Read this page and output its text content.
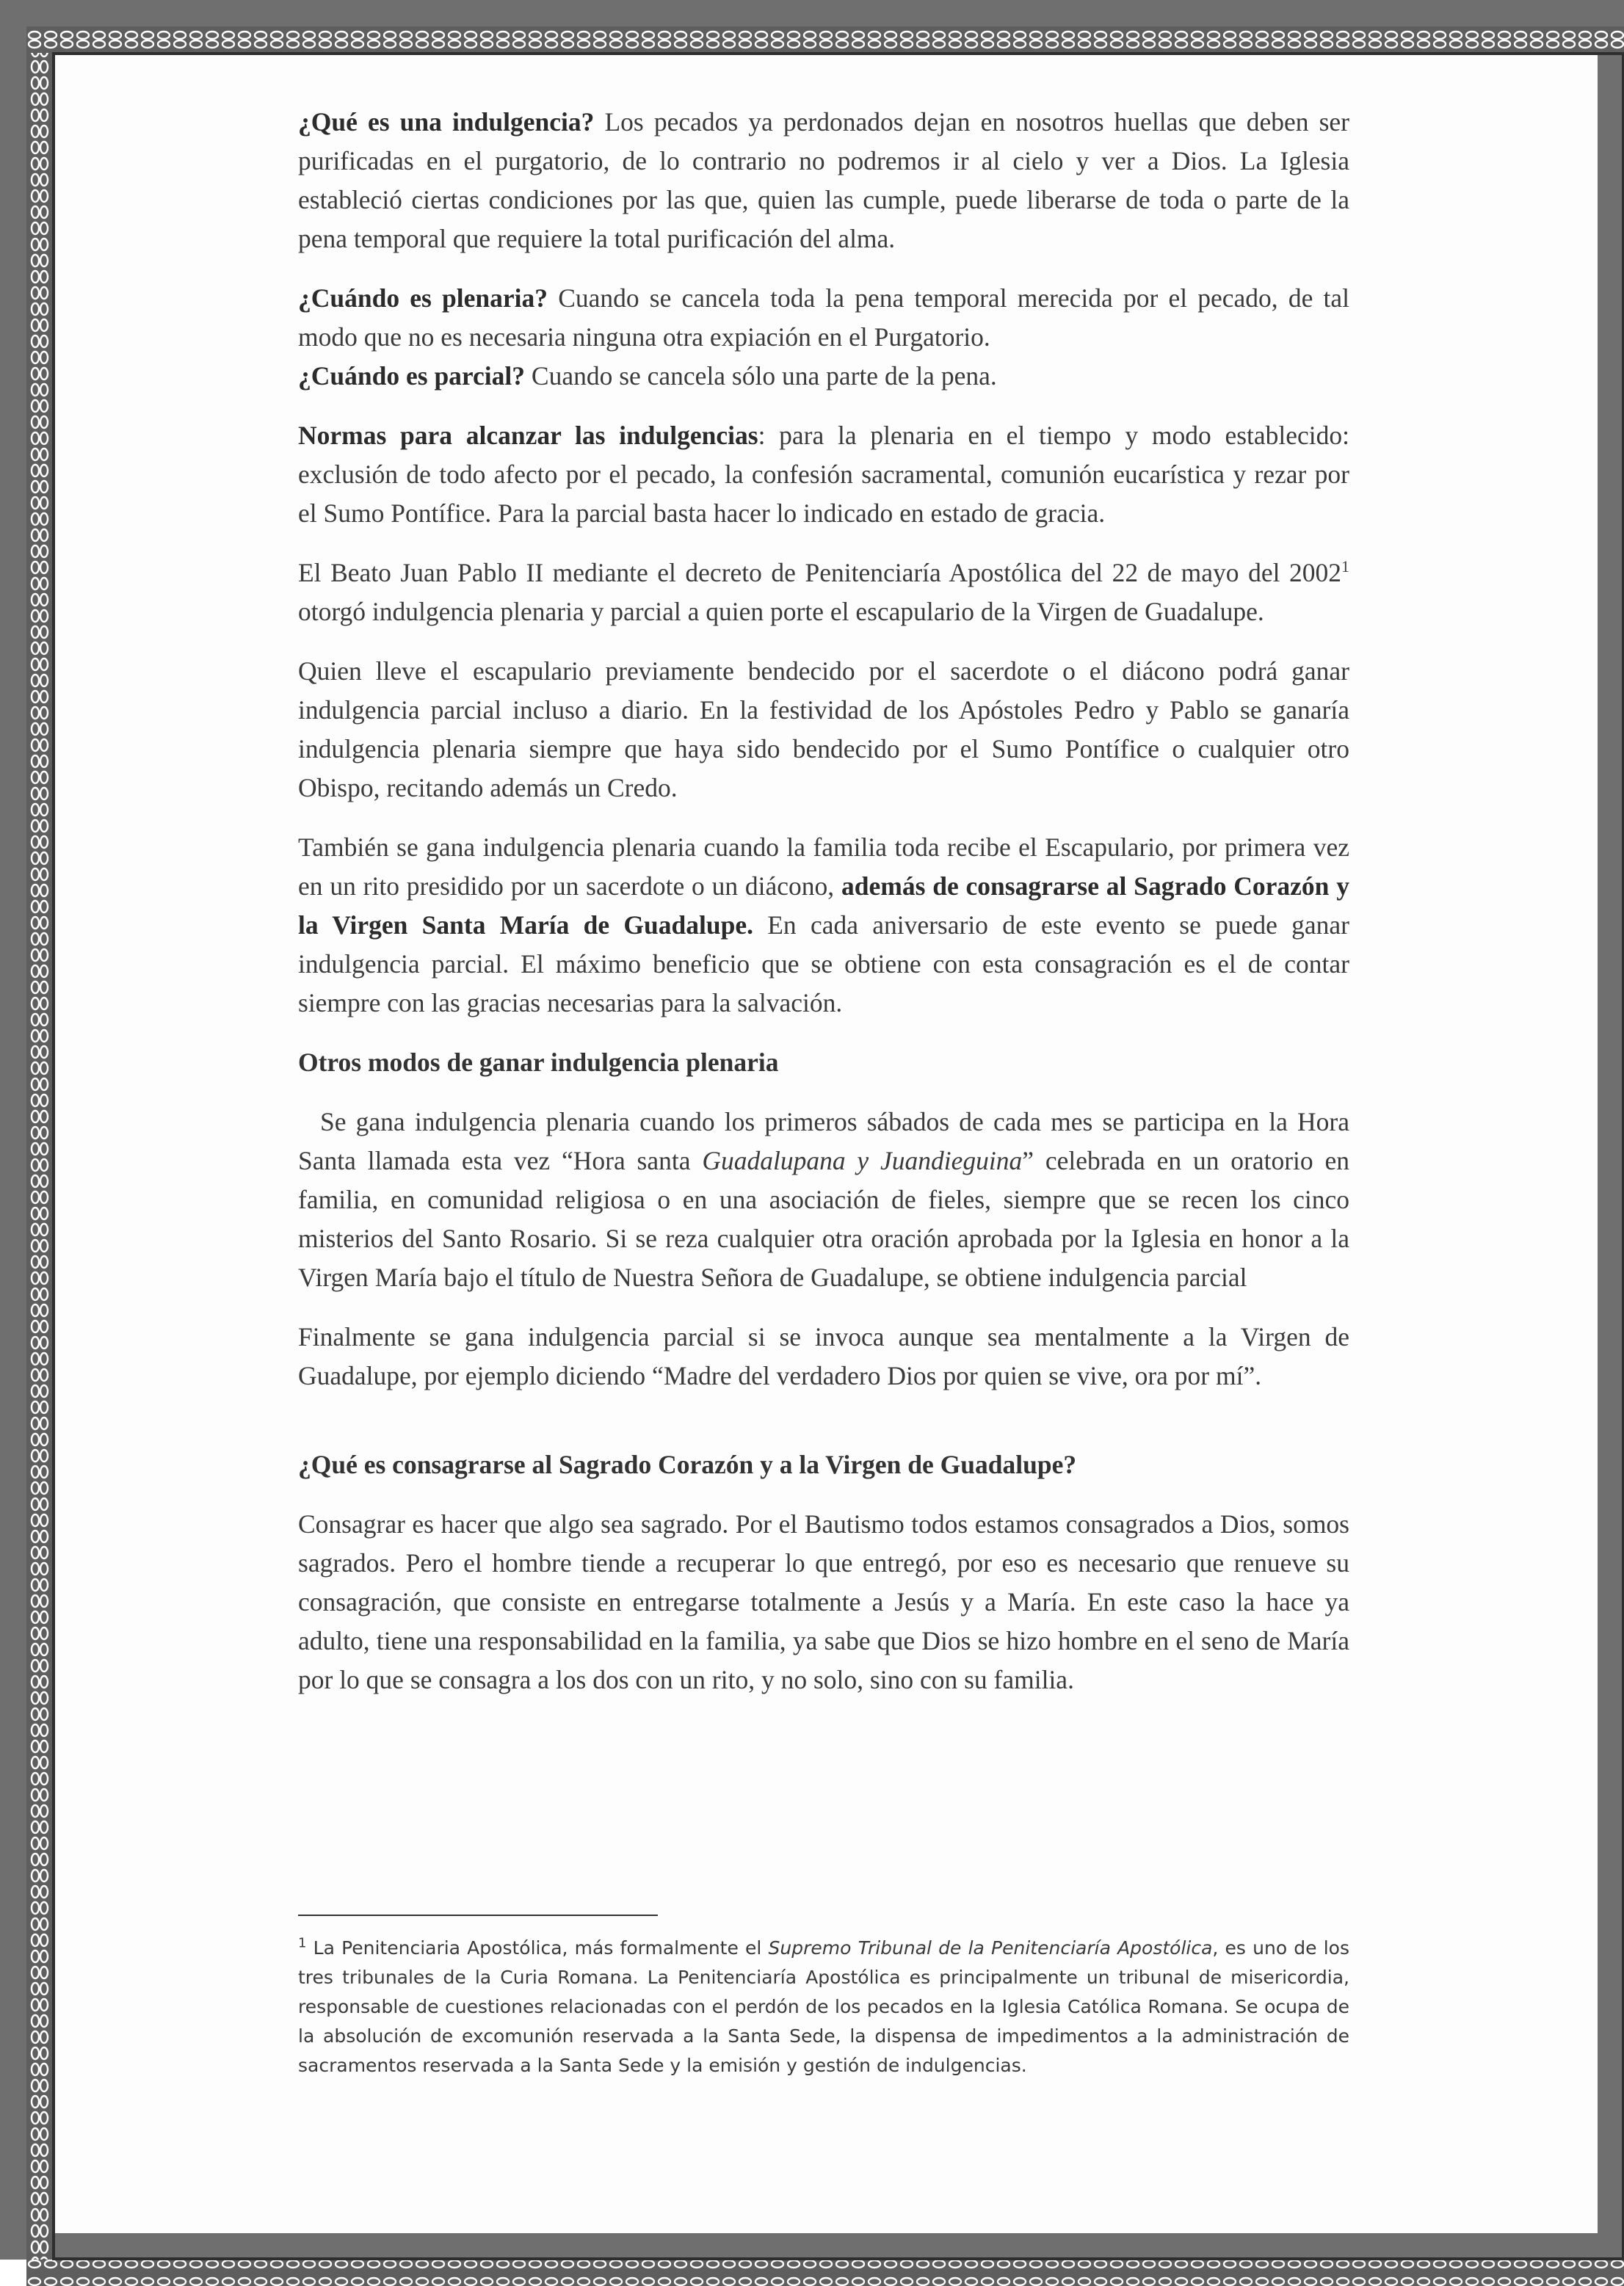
¿Qué es una indulgencia? Los pecados ya perdonados dejan en nosotros huellas que deben ser purificadas en el purgatorio, de lo contrario no podremos ir al cielo y ver a Dios. La Iglesia estableció ciertas condiciones por las que, quien las cumple, puede liberarse de toda o parte de la pena temporal que requiere la total purificación del alma.

¿Cuándo es plenaria? Cuando se cancela toda la pena temporal merecida por el pecado, de tal modo que no es necesaria ninguna otra expiación en el Purgatorio.

¿Cuándo es parcial? Cuando se cancela sólo una parte de la pena.

Normas para alcanzar las indulgencias: para la plenaria en el tiempo y modo establecido: exclusión de todo afecto por el pecado, la confesión sacramental, comunión eucarística y rezar por el Sumo Pontífice. Para la parcial basta hacer lo indicado en estado de gracia.

El Beato Juan Pablo II mediante el decreto de Penitenciaría Apostólica del 22 de mayo del 2002$^1$ otorgó indulgencia plenaria y parcial a quien porte el escapulario de la Virgen de Guadalupe.

Quien lleve el escapulario previamente bendecido por el sacerdote o el diácono podrá ganar indulgencia parcial incluso a diario. En la festividad de los Apóstoles Pedro y Pablo se ganaría indulgencia plenaria siempre que haya sido bendecido por el Sumo Pontífice o cualquier otro Obispo, recitando además un Credo.

También se gana indulgencia plenaria cuando la familia toda recibe el Escapulario, por primera vez en un rito presidido por un sacerdote o un diácono, además de consagrarse al Sagrado Corazón y la Virgen Santa María de Guadalupe. En cada aniversario de este evento se puede ganar indulgencia parcial. El máximo beneficio que se obtiene con esta consagración es el de contar siempre con las gracias necesarias para la salvación.

Otros modos de ganar indulgencia plenaria

Se gana indulgencia plenaria cuando los primeros sábados de cada mes se participa en la Hora Santa llamada esta vez “Hora santa Guadalupana y Juandieguina” celebrada en un oratorio en familia, en comunidad religiosa o en una asociación de fieles, siempre que se recen los cinco misterios del Santo Rosario. Si se reza cualquier otra oración aprobada por la Iglesia en honor a la Virgen María bajo el título de Nuestra Señora de Guadalupe, se obtiene indulgencia parcial

Finalmente se gana indulgencia parcial si se invoca aunque sea mentalmente a la Virgen de Guadalupe, por ejemplo diciendo “Madre del verdadero Dios por quien se vive, ora por mí”.

¿Qué es consagrarse al Sagrado Corazón y a la Virgen de Guadalupe?

Consagrar es hacer que algo sea sagrado. Por el Bautismo todos estamos consagrados a Dios, somos sagrados. Pero el hombre tiende a recuperar lo que entregó, por eso es necesario que renueve su consagración, que consiste en entregarse totalmente a Jesús y a María. En este caso la hace ya adulto, tiene una responsabilidad en la familia, ya sabe que Dios se hizo hombre en el seno de María por lo que se consagra a los dos con un rito, y no solo, sino con su familia.

$^1$ La Penitenciaria Apostólica, más formalmente el Supremo Tribunal de la Penitenciaría Apostólica, es uno de los tres tribunales de la Curia Romana. La Penitenciaría Apostólica es principalmente un tribunal de misericordia, responsable de cuestiones relacionadas con el perdón de los pecados en la Iglesia Católica Romana. Se ocupa de la absolución de excomunión reservada a la Santa Sede, la dispensa de impedimentos a la administración de sacramentos reservada a la Santa Sede y la emisión y gestión de indulgencias.
